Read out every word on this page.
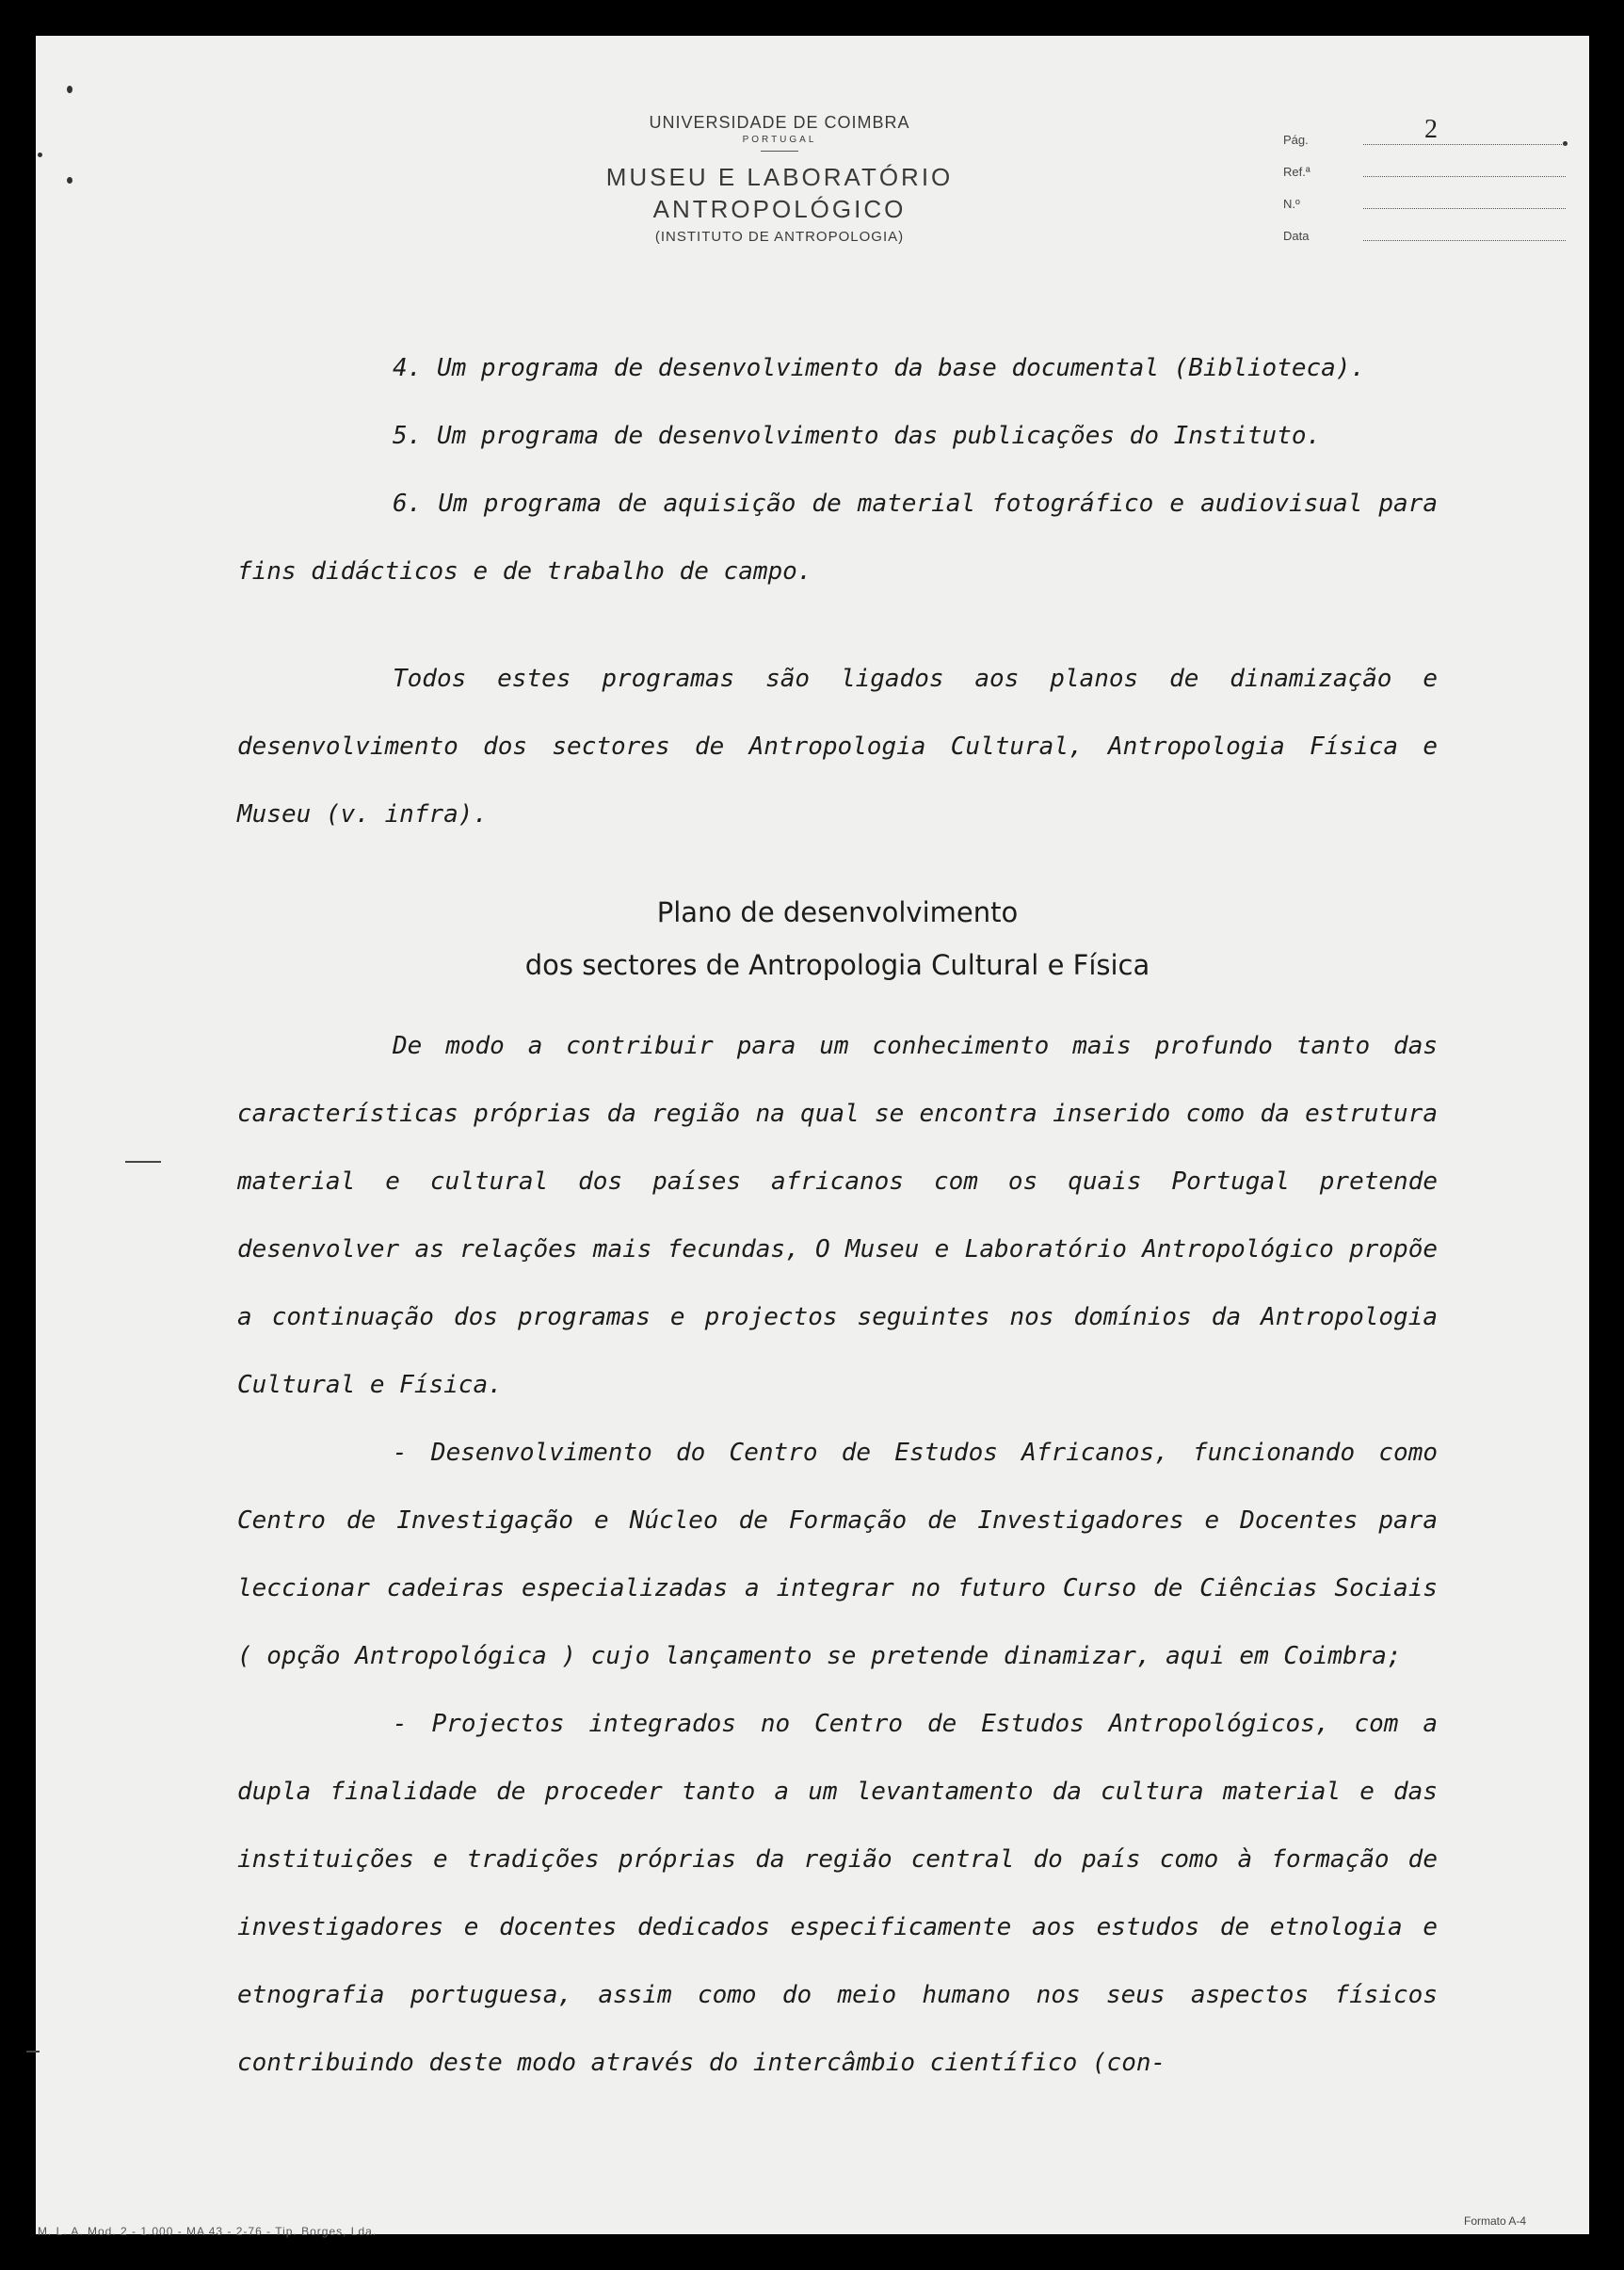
UNIVERSIDADE DE COIMBRA
PORTUGAL
MUSEU E LABORATÓRIO
ANTROPOLÓGICO
(INSTITUTO DE ANTROPOLOGIA)
Pág.	2
Ref.ª
N.º
Data

4. Um programa de desenvolvimento da base documental (Biblioteca).

5. Um programa de desenvolvimento das publicações do Instituto.

6. Um programa de aquisição de material fotográfico e audiovisual para fins didácticos e de trabalho de campo.

Todos estes programas são ligados aos planos de dinamização e desenvolvimento dos sectores de Antropologia Cultural, Antropologia Física e Museu (v. infra).

Plano de desenvolvimento

dos sectores de Antropologia Cultural e Física

De modo a contribuir para um conhecimento mais profundo tanto das características próprias da região na qual se encontra inserido como da estrutura material e cultural dos países africanos com os quais Portugal pretende desenvolver as relações mais fecundas, O Museu e Laboratório Antropológico propõe a continuação dos programas e projectos seguintes nos domínios da Antropologia Cultural e Física.

- Desenvolvimento do Centro de Estudos Africanos, funcionando como Centro de Investigação e Núcleo de Formação de Investigadores e Docentes para leccionar cadeiras especializadas a integrar no futuro Curso de Ciências Sociais ( opção Antropológica ) cujo lançamento se pretende dinamizar, aqui em Coimbra;

- Projectos integrados no Centro de Estudos Antropológicos, com a dupla finalidade de proceder tanto a um levantamento da cultura material e das instituições e tradições próprias da região central do país como à formação de investigadores e docentes dedicados especificamente aos estudos de etnologia e etnografia portuguesa, assim como do meio humano nos seus aspectos físicos contribuindo deste modo através do intercâmbio científico (con-

M. L. A. Mod. 2 - 1.000 - MA 43 - 2-76 - Tip. Borges, Lda.
Formato A-4
